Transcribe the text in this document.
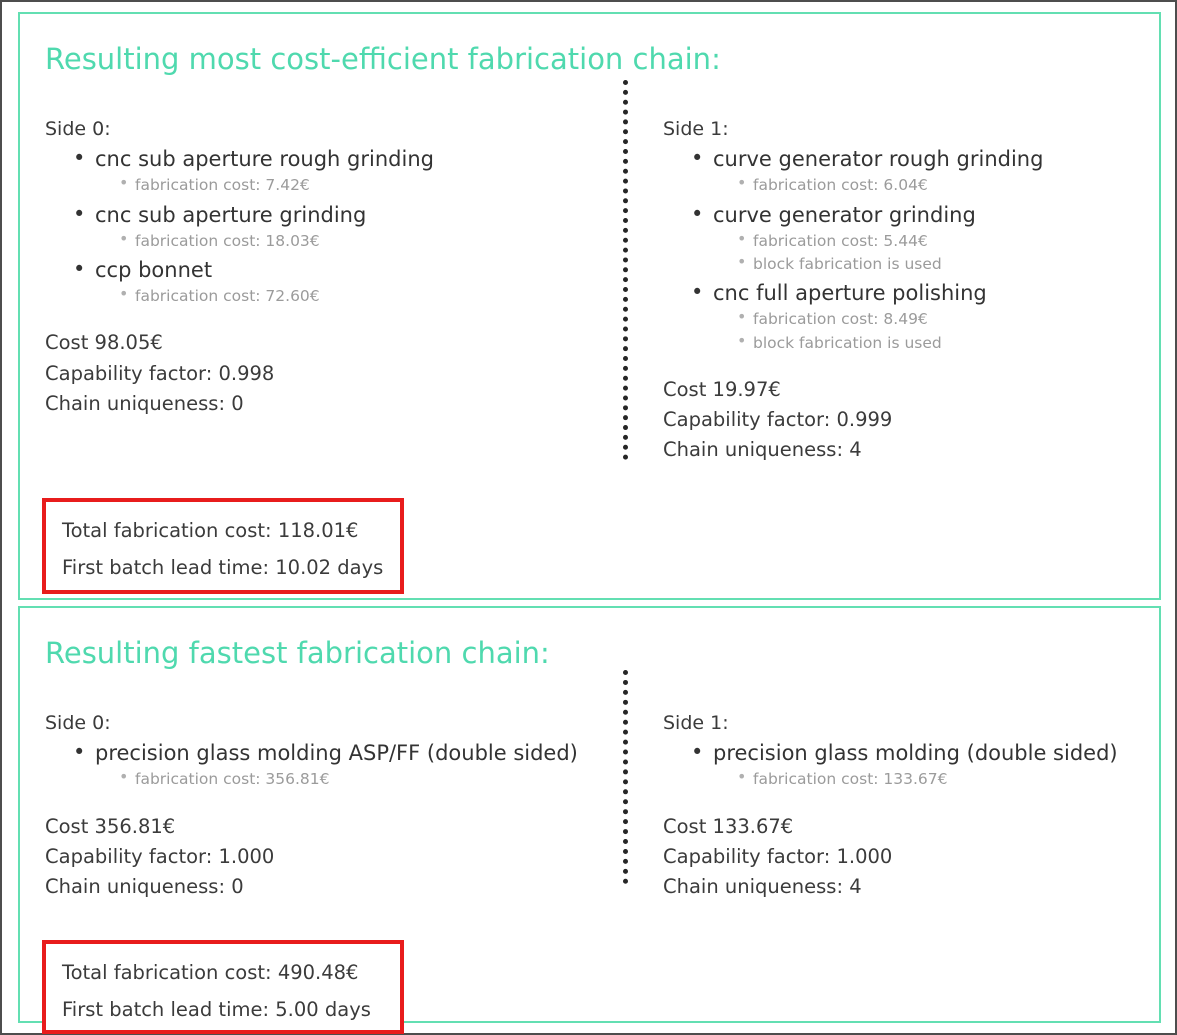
Resulting most cost-efficient fabrication chain:
Side 0:
• cnc sub aperture rough grinding
• fabrication cost: 7.42€
• cnc sub aperture grinding
• fabrication cost: 18.03€
• ccp bonnet
• fabrication cost: 72.60€
Cost 98.05€
Capability factor: 0.998
Chain uniqueness: 0
Side 1:
• curve generator rough grinding
• fabrication cost: 6.04€
• curve generator grinding
• fabrication cost: 5.44€
• block fabrication is used
• cnc full aperture polishing
• fabrication cost: 8.49€
• block fabrication is used
Cost 19.97€
Capability factor: 0.999
Chain uniqueness: 4
Total fabrication cost: 118.01€
First batch lead time: 10.02 days
Resulting fastest fabrication chain:
Side 0:
• precision glass molding ASP/FF (double sided)
• fabrication cost: 356.81€
Cost 356.81€
Capability factor: 1.000
Chain uniqueness: 0
Side 1:
• precision glass molding (double sided)
• fabrication cost: 133.67€
Cost 133.67€
Capability factor: 1.000
Chain uniqueness: 4
Total fabrication cost: 490.48€
First batch lead time: 5.00 days
